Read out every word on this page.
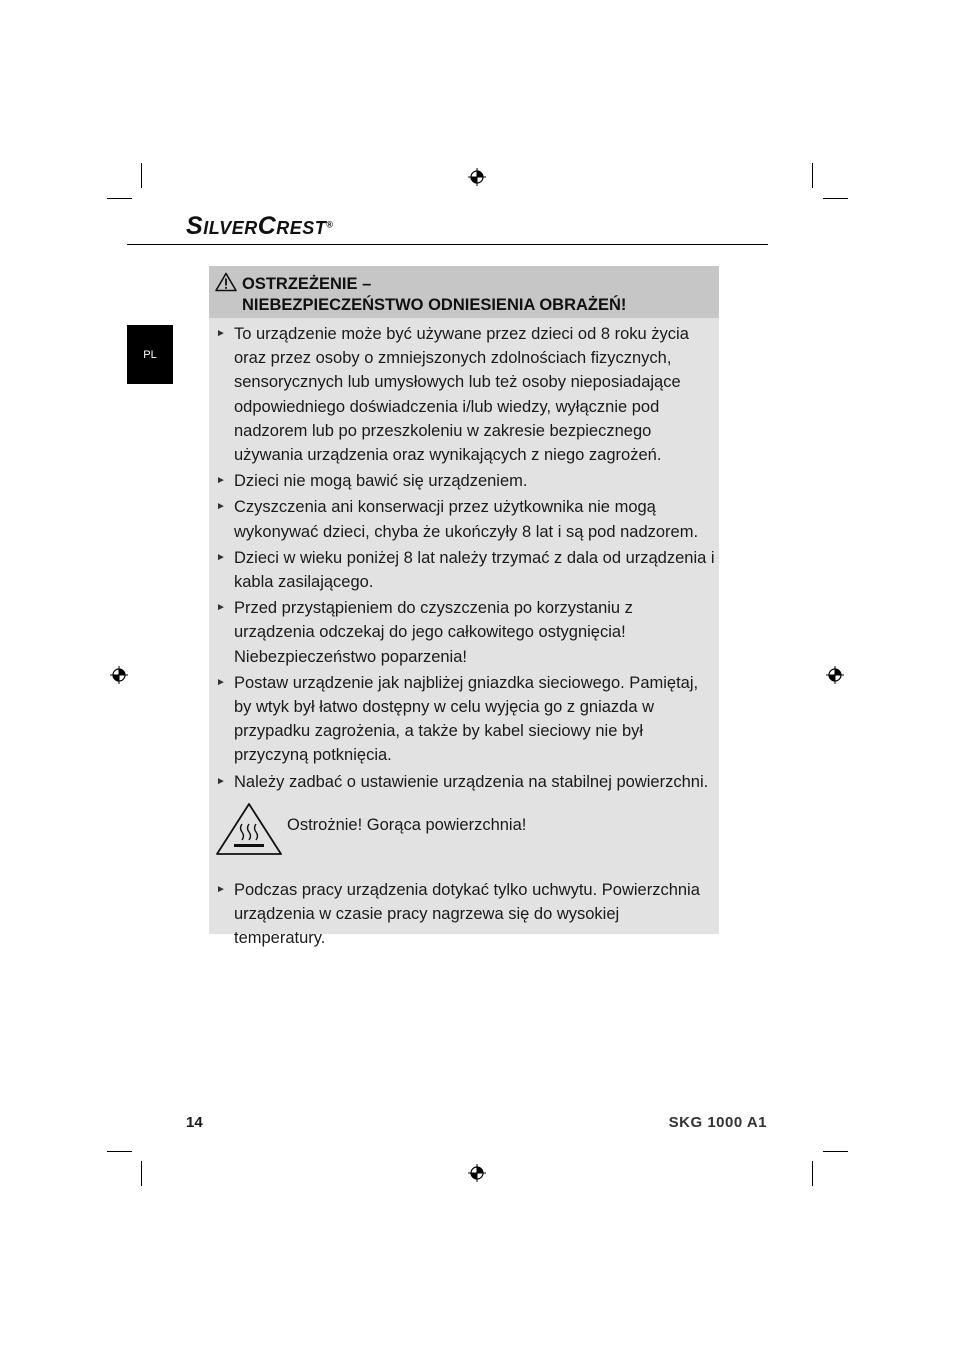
SILVERCREST®
PL
OSTRZEŻENIE –
NIEBEZPIECZEŃSTWO ODNIESIENIA OBRAŻEŃ!
► To urządzenie może być używane przez dzieci od 8 roku życia oraz przez osoby o zmniejszonych zdolnościach fizycznych, sensorycznych lub umysłowych lub też osoby nieposiadające odpowiedniego doświadczenia i/lub wiedzy, wyłącznie pod nadzorem lub po przeszkoleniu w zakresie bezpiecznego używania urządzenia oraz wynikających z niego zagrożeń.
► Dzieci nie mogą bawić się urządzeniem.
► Czyszczenia ani konserwacji przez użytkownika nie mogą wykonywać dzieci, chyba że ukończyły 8 lat i są pod nadzorem.
► Dzieci w wieku poniżej 8 lat należy trzymać z dala od urządzenia i kabla zasilającego.
► Przed przystąpieniem do czyszczenia po korzystaniu z urządzenia odczekaj do jego całkowitego ostygnięcia! Niebezpieczeństwo poparzenia!
► Postaw urządzenie jak najbliżej gniazdka sieciowego. Pamiętaj, by wtyk był łatwo dostępny w celu wyjęcia go z gniazda w przypadku zagrożenia, a także by kabel sieciowy nie był przyczyną potknięcia.
► Należy zadbać o ustawienie urządzenia na stabilnej powierzchni.
Ostrożnie! Gorąca powierzchnia!
► Podczas pracy urządzenia dotykać tylko uchwytu. Powierzchnia urządzenia w czasie pracy nagrzewa się do wysokiej temperatury.
14	SKG 1000 A1
